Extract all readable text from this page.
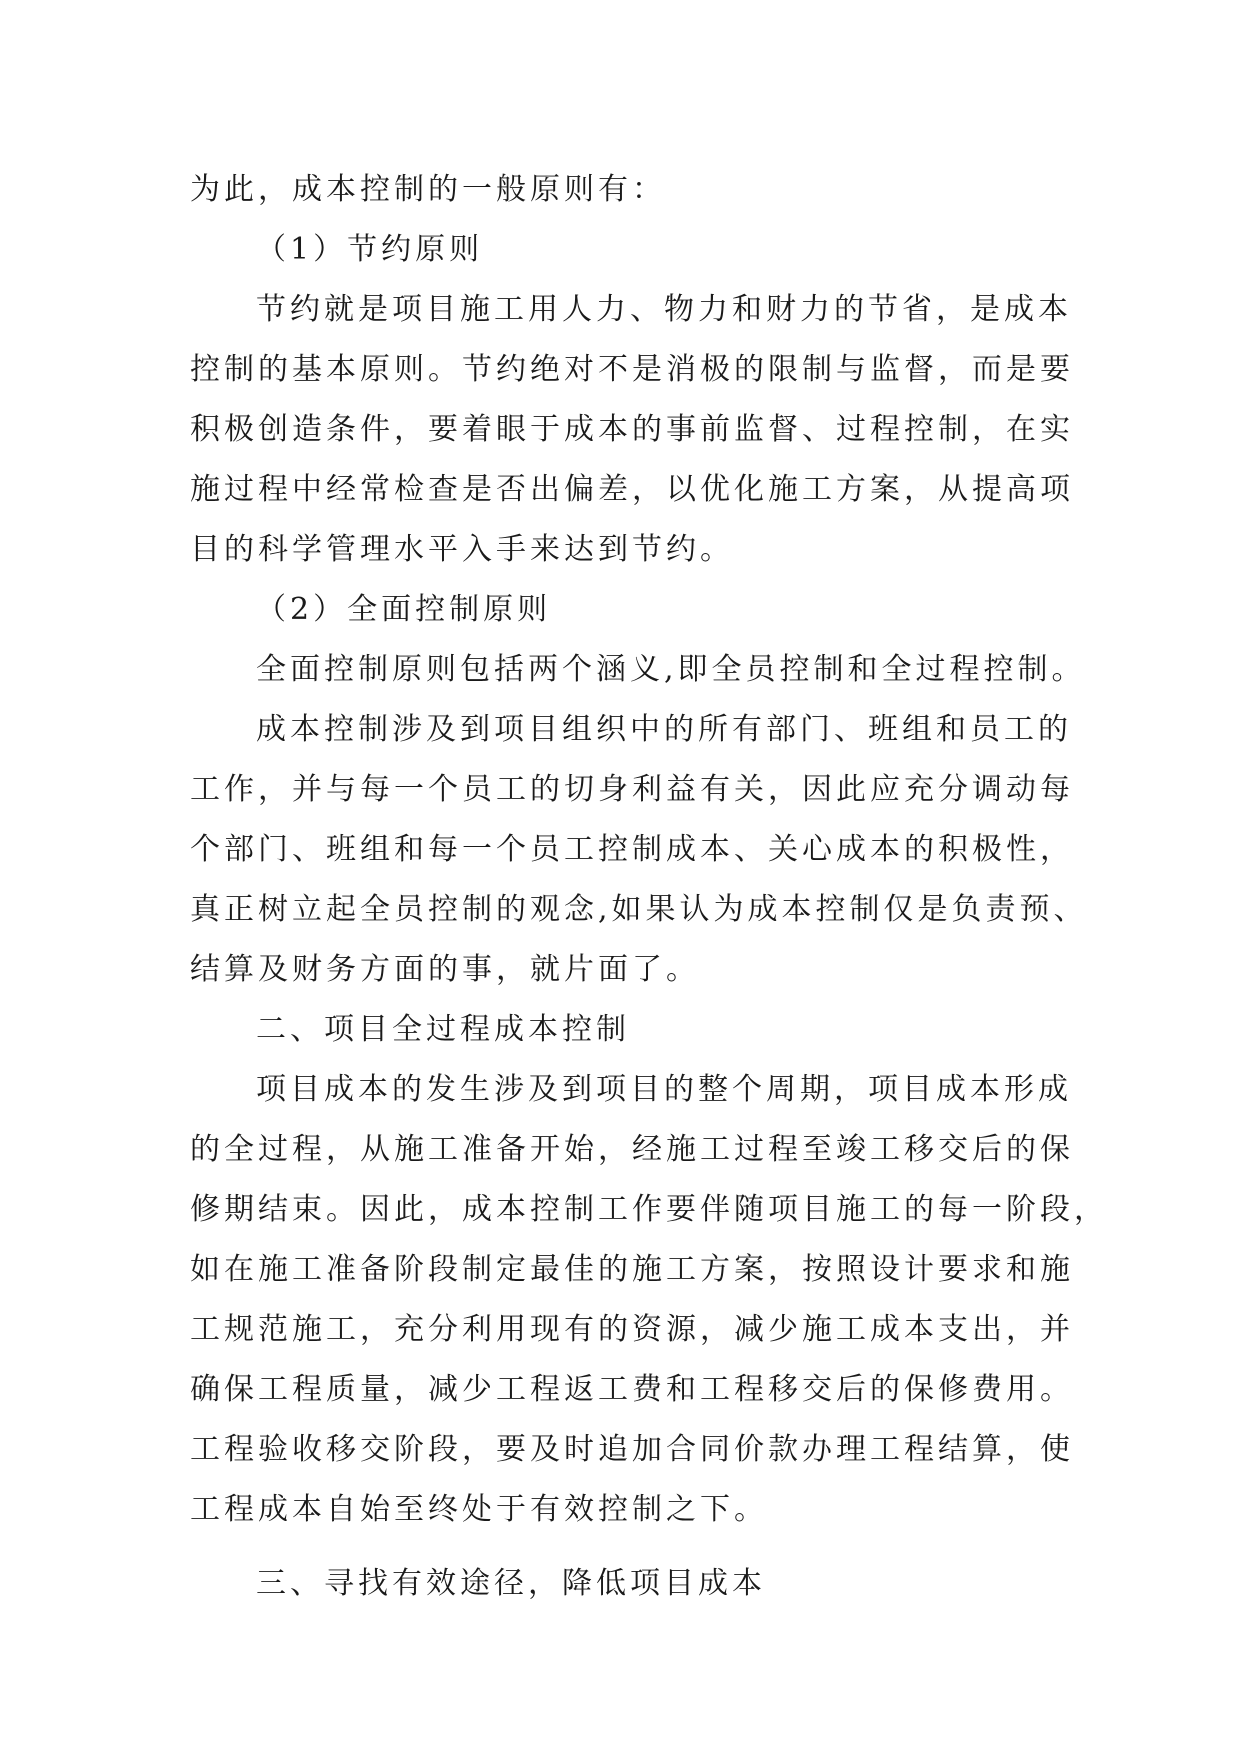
为此，成本控制的一般原则有：
（1）节约原则
节约就是项目施工用人力、物力和财力的节省，是成本
控制的基本原则。节约绝对不是消极的限制与监督，而是要
积极创造条件，要着眼于成本的事前监督、过程控制，在实
施过程中经常检查是否出偏差，以优化施工方案，从提高项
目的科学管理水平入手来达到节约。
（2）全面控制原则
全面控制原则包括两个涵义,即全员控制和全过程控制。
成本控制涉及到项目组织中的所有部门、班组和员工的
工作，并与每一个员工的切身利益有关，因此应充分调动每
个部门、班组和每一个员工控制成本、关心成本的积极性，
真正树立起全员控制的观念,如果认为成本控制仅是负责预、
结算及财务方面的事，就片面了。
二、项目全过程成本控制
项目成本的发生涉及到项目的整个周期，项目成本形成
的全过程，从施工准备开始，经施工过程至竣工移交后的保
修期结束。因此，成本控制工作要伴随项目施工的每一阶段，
如在施工准备阶段制定最佳的施工方案，按照设计要求和施
工规范施工，充分利用现有的资源，减少施工成本支出，并
确保工程质量，减少工程返工费和工程移交后的保修费用。
工程验收移交阶段，要及时追加合同价款办理工程结算，使
工程成本自始至终处于有效控制之下。
三、寻找有效途径，降低项目成本
